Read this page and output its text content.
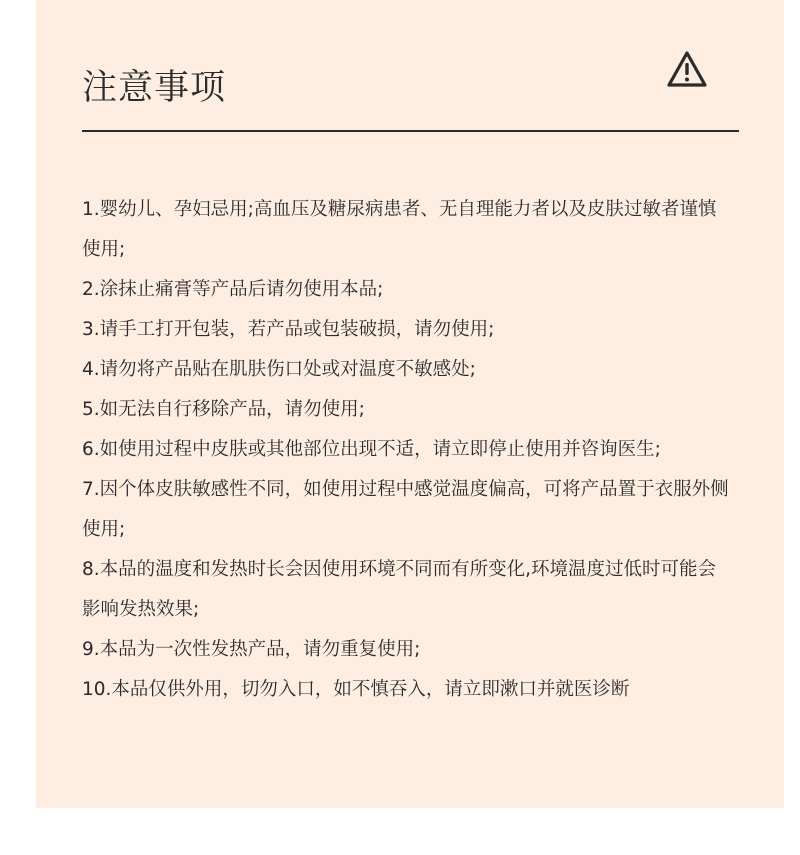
注意事项
1.婴幼儿、孕妇忌用;高血压及糖尿病患者、无自理能力者以及皮肤过敏者谨慎使用;
2.涂抹止痛膏等产品后请勿使用本品;
3.请手工打开包装，若产品或包装破损，请勿使用;
4.请勿将产品贴在肌肤伤口处或对温度不敏感处;
5.如无法自行移除产品，请勿使用;
6.如使用过程中皮肤或其他部位出现不适，请立即停止使用并咨询医生;
7.因个体皮肤敏感性不同，如使用过程中感觉温度偏高，可将产品置于衣服外侧使用;
8.本品的温度和发热时长会因使用环境不同而有所变化,环境温度过低时可能会影响发热效果;
9.本品为一次性发热产品，请勿重复使用;
10.本品仅供外用，切勿入口，如不慎吞入，请立即漱口并就医诊断
